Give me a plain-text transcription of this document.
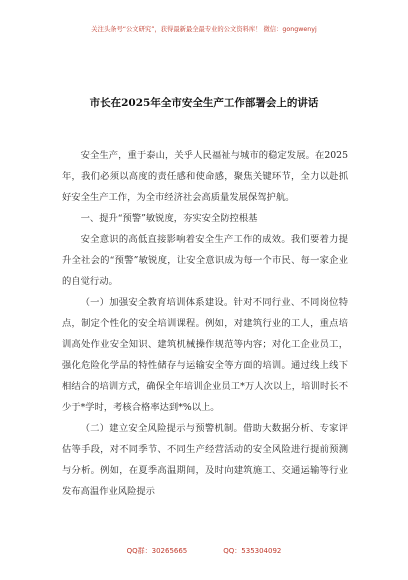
关注头条号“公文研究”，获得最新最全最专业的公文资料库！ 微信：gongwenyj
市长在2025年全市安全生产工作部署会上的讲话

安全生产，重于泰山，关乎人民福祉与城市的稳定发展。在2025年，我们必须以高度的责任感和使命感，聚焦关键环节，全力以赴抓好安全生产工作，为全市经济社会高质量发展保驾护航。

一、提升“预警”敏锐度，夯实安全防控根基

安全意识的高低直接影响着安全生产工作的成效。我们要着力提升全社会的“预警”敏锐度，让安全意识成为每一个市民、每一家企业的自觉行动。

（一）加强安全教育培训体系建设。针对不同行业、不同岗位特点，制定个性化的安全培训课程。例如，对建筑行业的工人，重点培训高处作业安全知识、建筑机械操作规范等内容；对化工企业员工，强化危险化学品的特性储存与运输安全等方面的培训。通过线上线下相结合的培训方式，确保全年培训企业员工*万人次以上，培训时长不少于*学时，考核合格率达到*%以上。

（二）建立安全风险提示与预警机制。借助大数据分析、专家评估等手段，对不同季节、不同生产经营活动的安全风险进行提前预测与分析。例如，在夏季高温期间，及时向建筑施工、交通运输等行业发布高温作业风险提示

QQ群：30265665	QQ：535304092
